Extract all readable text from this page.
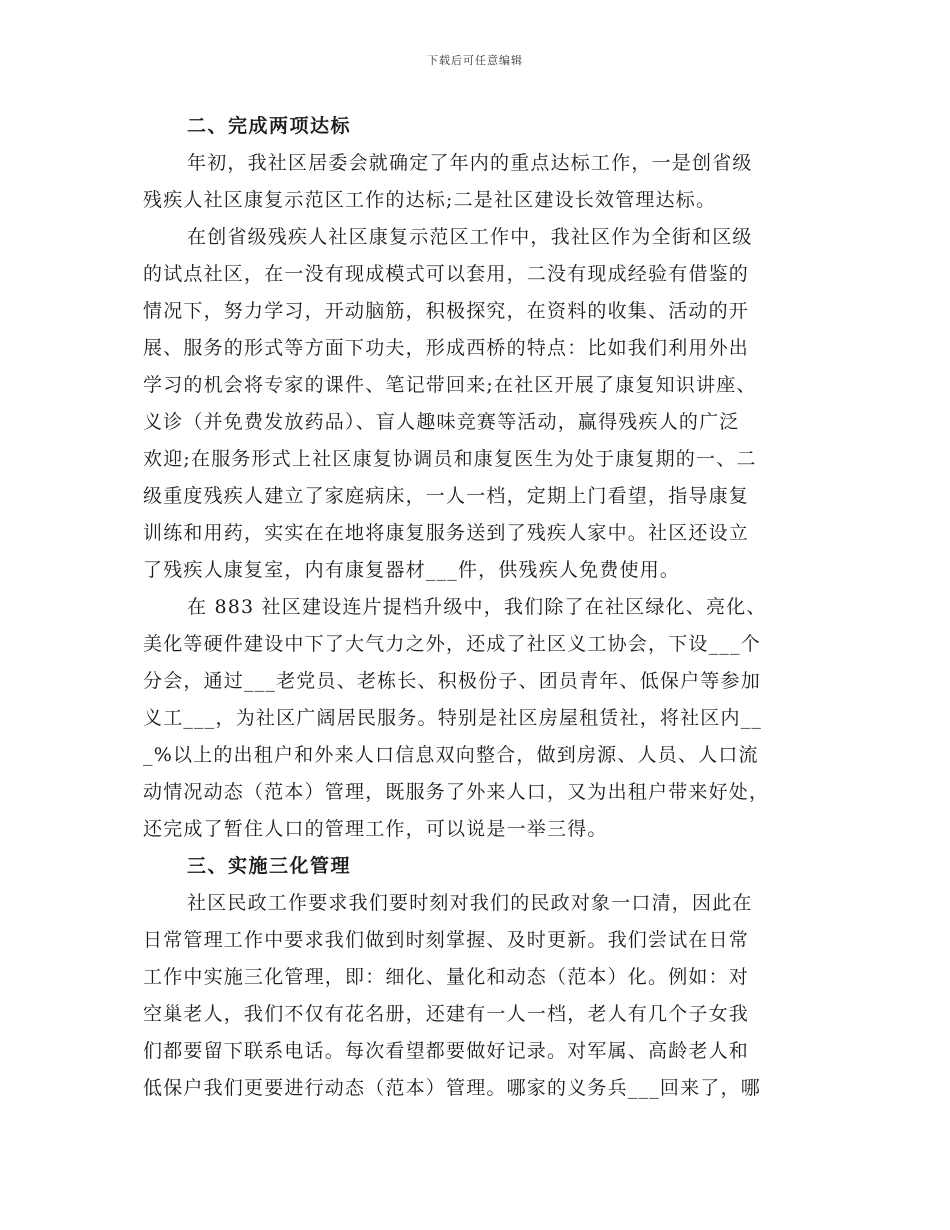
下载后可任意编辑
二、完成两项达标
年初，我社区居委会就确定了年内的重点达标工作，一是创省级
残疾人社区康复示范区工作的达标;二是社区建设长效管理达标。
在创省级残疾人社区康复示范区工作中，我社区作为全街和区级
的试点社区，在一没有现成模式可以套用，二没有现成经验有借鉴的
情况下，努力学习，开动脑筋，积极探究，在资料的收集、活动的开
展、服务的形式等方面下功夫，形成西桥的特点：比如我们利用外出
学习的机会将专家的课件、笔记带回来;在社区开展了康复知识讲座、
义诊（并免费发放药品）、盲人趣味竞赛等活动，赢得残疾人的广泛
欢迎;在服务形式上社区康复协调员和康复医生为处于康复期的一、二
级重度残疾人建立了家庭病床，一人一档，定期上门看望，指导康复
训练和用药，实实在在地将康复服务送到了残疾人家中。社区还设立
了残疾人康复室，内有康复器材___件，供残疾人免费使用。
在 883 社区建设连片提档升级中，我们除了在社区绿化、亮化、
美化等硬件建设中下了大气力之外，还成了社区义工协会，下设___个
分会，通过___老党员、老栋长、积极份子、团员青年、低保户等参加
义工___，为社区广阔居民服务。特别是社区房屋租赁社，将社区内__
_%以上的出租户和外来人口信息双向整合，做到房源、人员、人口流
动情况动态（范本）管理，既服务了外来人口，又为出租户带来好处，
还完成了暂住人口的管理工作，可以说是一举三得。
三、实施三化管理
社区民政工作要求我们要时刻对我们的民政对象一口清，因此在
日常管理工作中要求我们做到时刻掌握、及时更新。我们尝试在日常
工作中实施三化管理，即：细化、量化和动态（范本）化。例如：对
空巢老人，我们不仅有花名册，还建有一人一档，老人有几个子女我
们都要留下联系电话。每次看望都要做好记录。对军属、高龄老人和
低保户我们更要进行动态（范本）管理。哪家的义务兵___回来了，哪
